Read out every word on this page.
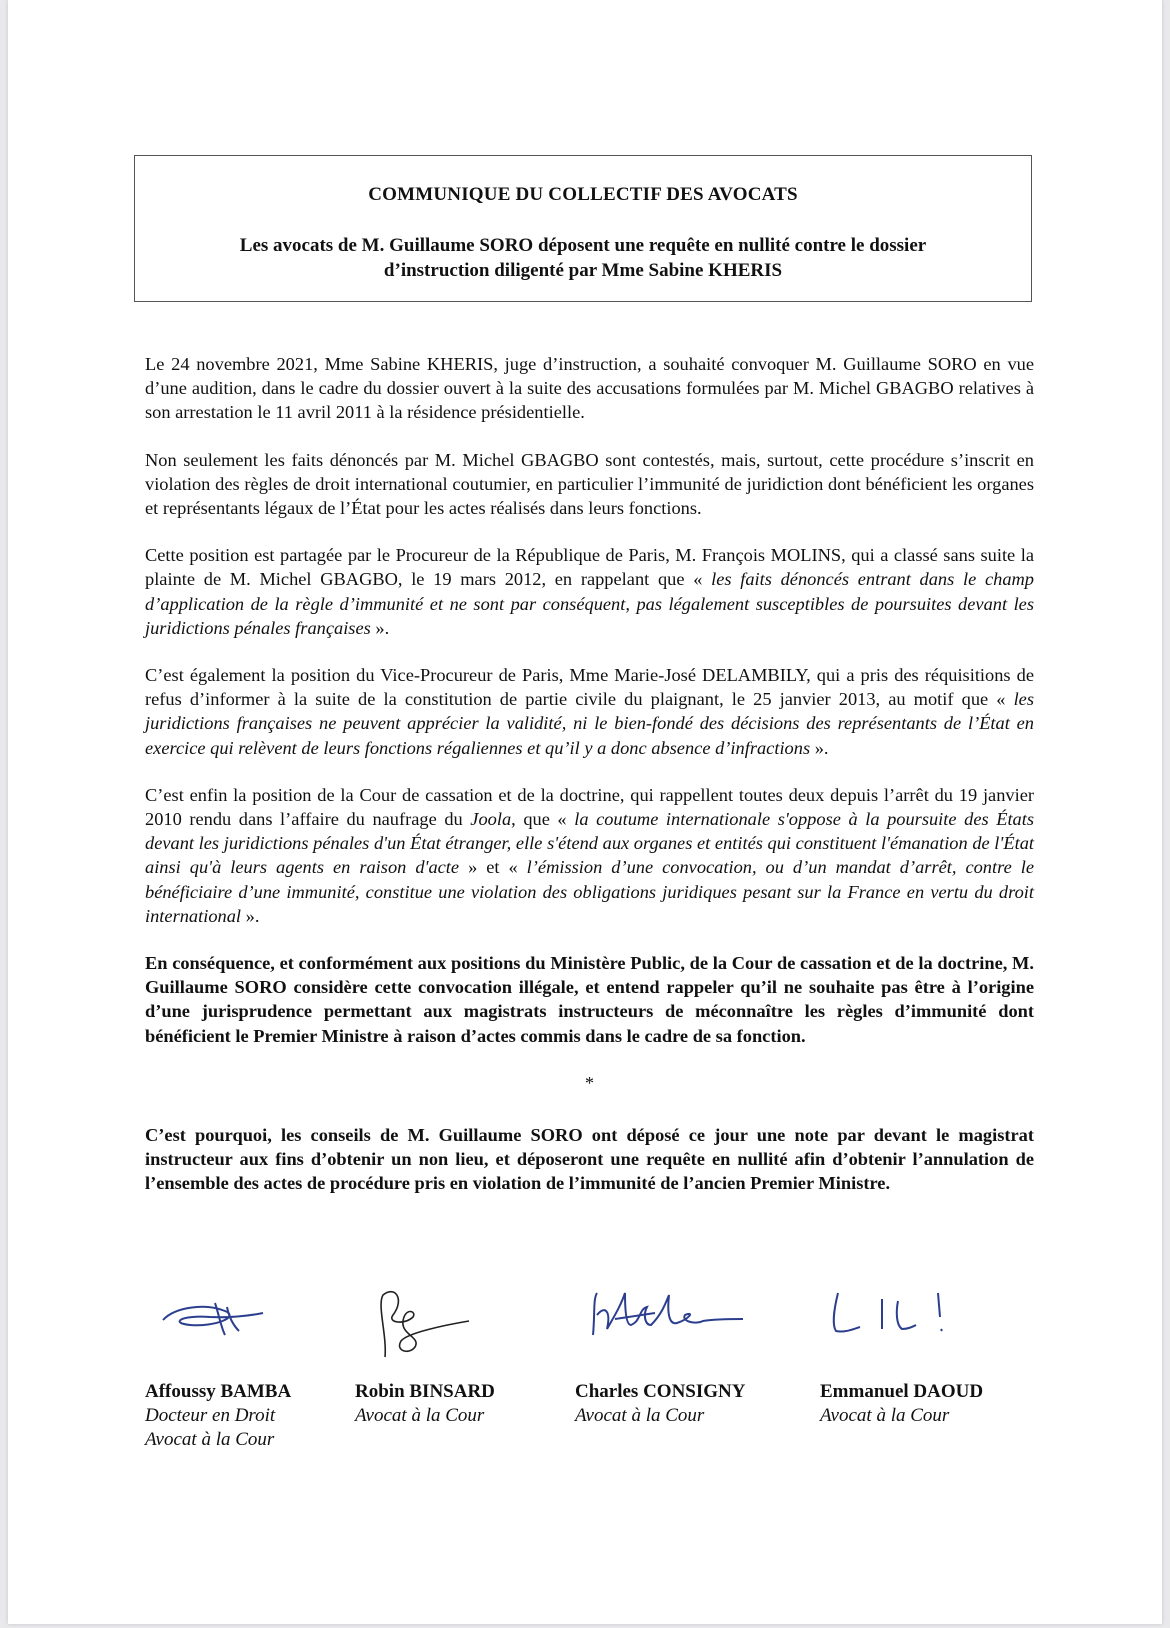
COMMUNIQUE DU COLLECTIF DES AVOCATS
Les avocats de M. Guillaume SORO déposent une requête en nullité contre le dossier
d’instruction diligenté par Mme Sabine KHERIS

Le 24 novembre 2021, Mme Sabine KHERIS, juge d’instruction, a souhaité convoquer M. Guillaume SORO en vue d’une audition, dans le cadre du dossier ouvert à la suite des accusations formulées par M. Michel GBAGBO relatives à son arrestation le 11 avril 2011 à la résidence présidentielle.

Non seulement les faits dénoncés par M. Michel GBAGBO sont contestés, mais, surtout, cette procédure s’inscrit en violation des règles de droit international coutumier, en particulier l’immunité de juridiction dont bénéficient les organes et représentants légaux de l’État pour les actes réalisés dans leurs fonctions.

Cette position est partagée par le Procureur de la République de Paris, M. François MOLINS, qui a classé sans suite la plainte de M. Michel GBAGBO, le 19 mars 2012, en rappelant que « les faits dénoncés entrant dans le champ d’application de la règle d’immunité et ne sont par conséquent, pas légalement susceptibles de poursuites devant les juridictions pénales françaises ».

C’est également la position du Vice-Procureur de Paris, Mme Marie-José DELAMBILY, qui a pris des réquisitions de refus d’informer à la suite de la constitution de partie civile du plaignant, le 25 janvier 2013, au motif que « les juridictions françaises ne peuvent apprécier la validité, ni le bien-fondé des décisions des représentants de l’État en exercice qui relèvent de leurs fonctions régaliennes et qu’il y a donc absence d’infractions ».

C’est enfin la position de la Cour de cassation et de la doctrine, qui rappellent toutes deux depuis l’arrêt du 19 janvier 2010 rendu dans l’affaire du naufrage du Joola, que « la coutume internationale s'oppose à la poursuite des États devant les juridictions pénales d'un État étranger, elle s'étend aux organes et entités qui constituent l'émanation de l'État ainsi qu'à leurs agents en raison d'acte » et « l’émission d’une convocation, ou d’un mandat d’arrêt, contre le bénéficiaire d’une immunité, constitue une violation des obligations juridiques pesant sur la France en vertu du droit international ».

En conséquence, et conformément aux positions du Ministère Public, de la Cour de cassation et de la doctrine, M. Guillaume SORO considère cette convocation illégale, et entend rappeler qu’il ne souhaite pas être à l’origine d’une jurisprudence permettant aux magistrats instructeurs de méconnaître les règles d’immunité dont bénéficient le Premier Ministre à raison d’actes commis dans le cadre de sa fonction.

*

C’est pourquoi, les conseils de M. Guillaume SORO ont déposé ce jour une note par devant le magistrat instructeur aux fins d’obtenir un non lieu, et déposeront une requête en nullité afin d’obtenir l’annulation de l’ensemble des actes de procédure pris en violation de l’immunité de l’ancien Premier Ministre.

Affoussy BAMBA
Docteur en Droit
Avocat à la Cour
Robin BINSARD
Avocat à la Cour
Charles CONSIGNY
Avocat à la Cour
Emmanuel DAOUD
Avocat à la Cour
